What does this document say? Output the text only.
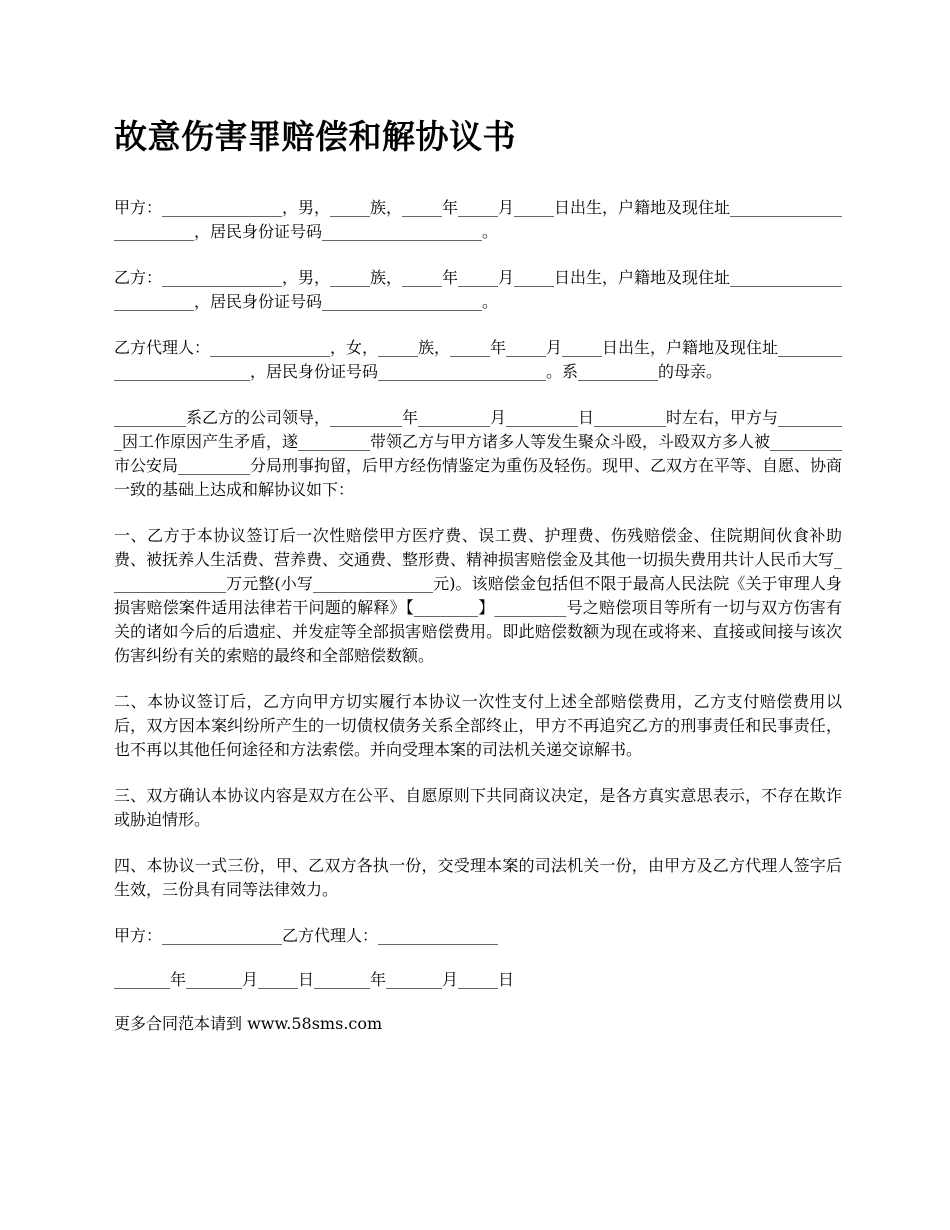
故意伤害罪赔偿和解协议书

甲方：_______________，男，_____族，_____年_____月_____日出生，户籍地及现住址________________________，居民身份证号码____________________。

乙方：_______________，男，_____族，_____年_____月_____日出生，户籍地及现住址________________________，居民身份证号码____________________。

乙方代理人：_______________，女，_____族，_____年_____月_____日出生，户籍地及现住址_________________________，居民身份证号码_____________________。系__________的母亲。

_________系乙方的公司领导，_________年_________月_________日_________时左右，甲方与_________因工作原因产生矛盾，遂_________带领乙方与甲方诸多人等发生聚众斗殴，斗殴双方多人被_________市公安局_________分局刑事拘留，后甲方经伤情鉴定为重伤及轻伤。现甲、乙双方在平等、自愿、协商一致的基础上达成和解协议如下：

一、乙方于本协议签订后一次性赔偿甲方医疗费、误工费、护理费、伤残赔偿金、住院期间伙食补助费、被抚养人生活费、营养费、交通费、整形费、精神损害赔偿金及其他一切损失费用共计人民币大写_______________万元整(小写_______________元)。该赔偿金包括但不限于最高人民法院《关于审理人身损害赔偿案件适用法律若干问题的解释》【________】_________号之赔偿项目等所有一切与双方伤害有关的诸如今后的后遗症、并发症等全部损害赔偿费用。即此赔偿数额为现在或将来、直接或间接与该次伤害纠纷有关的索赔的最终和全部赔偿数额。

二、本协议签订后，乙方向甲方切实履行本协议一次性支付上述全部赔偿费用，乙方支付赔偿费用以后，双方因本案纠纷所产生的一切债权债务关系全部终止，甲方不再追究乙方的刑事责任和民事责任，也不再以其他任何途径和方法索偿。并向受理本案的司法机关递交谅解书。

三、双方确认本协议内容是双方在公平、自愿原则下共同商议决定，是各方真实意思表示，不存在欺诈或胁迫情形。

四、本协议一式三份，甲、乙双方各执一份，交受理本案的司法机关一份，由甲方及乙方代理人签字后生效，三份具有同等法律效力。

甲方：_______________乙方代理人：_______________

_______年_______月_____日_______年_______月_____日

更多合同范本请到 www.58sms.com
